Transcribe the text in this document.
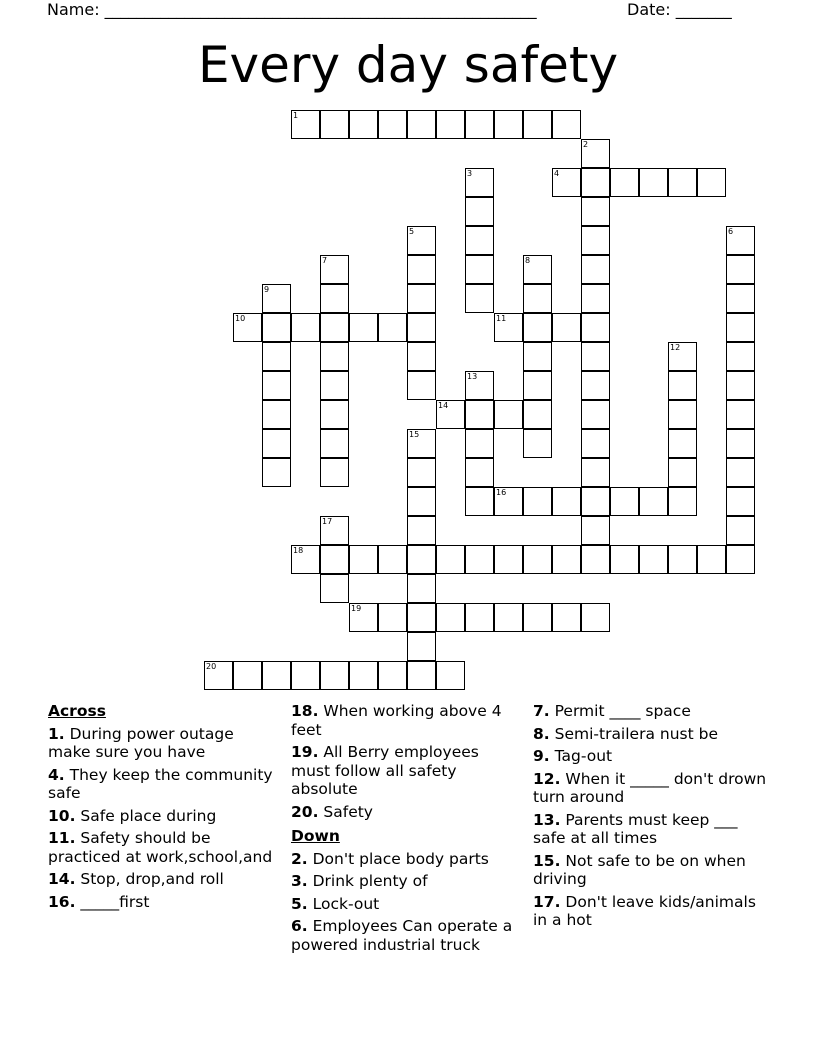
Name: ______________________________________________________	Date: _______
Every day safety
1
2
3	4
5	6
7	8
9
10	11
12
13
14
15
16
17
18
19
20
Across
1. During power outage make sure you have
4. They keep the community safe
10. Safe place during
11. Safety should be practiced at work,school,and
14. Stop, drop,and roll
16. _____first
18. When working above 4 feet
19. All Berry employees must follow all safety absolute
20. Safety
Down
2. Don't place body parts
3. Drink plenty of
5. Lock-out
6. Employees Can operate a powered industrial truck
7. Permit ____ space
8. Semi-trailera nust be
9. Tag-out
12. When it _____ don't drown turn around
13. Parents must keep ___ safe at all times
15. Not safe to be on when driving
17. Don't leave kids/animals in a hot
